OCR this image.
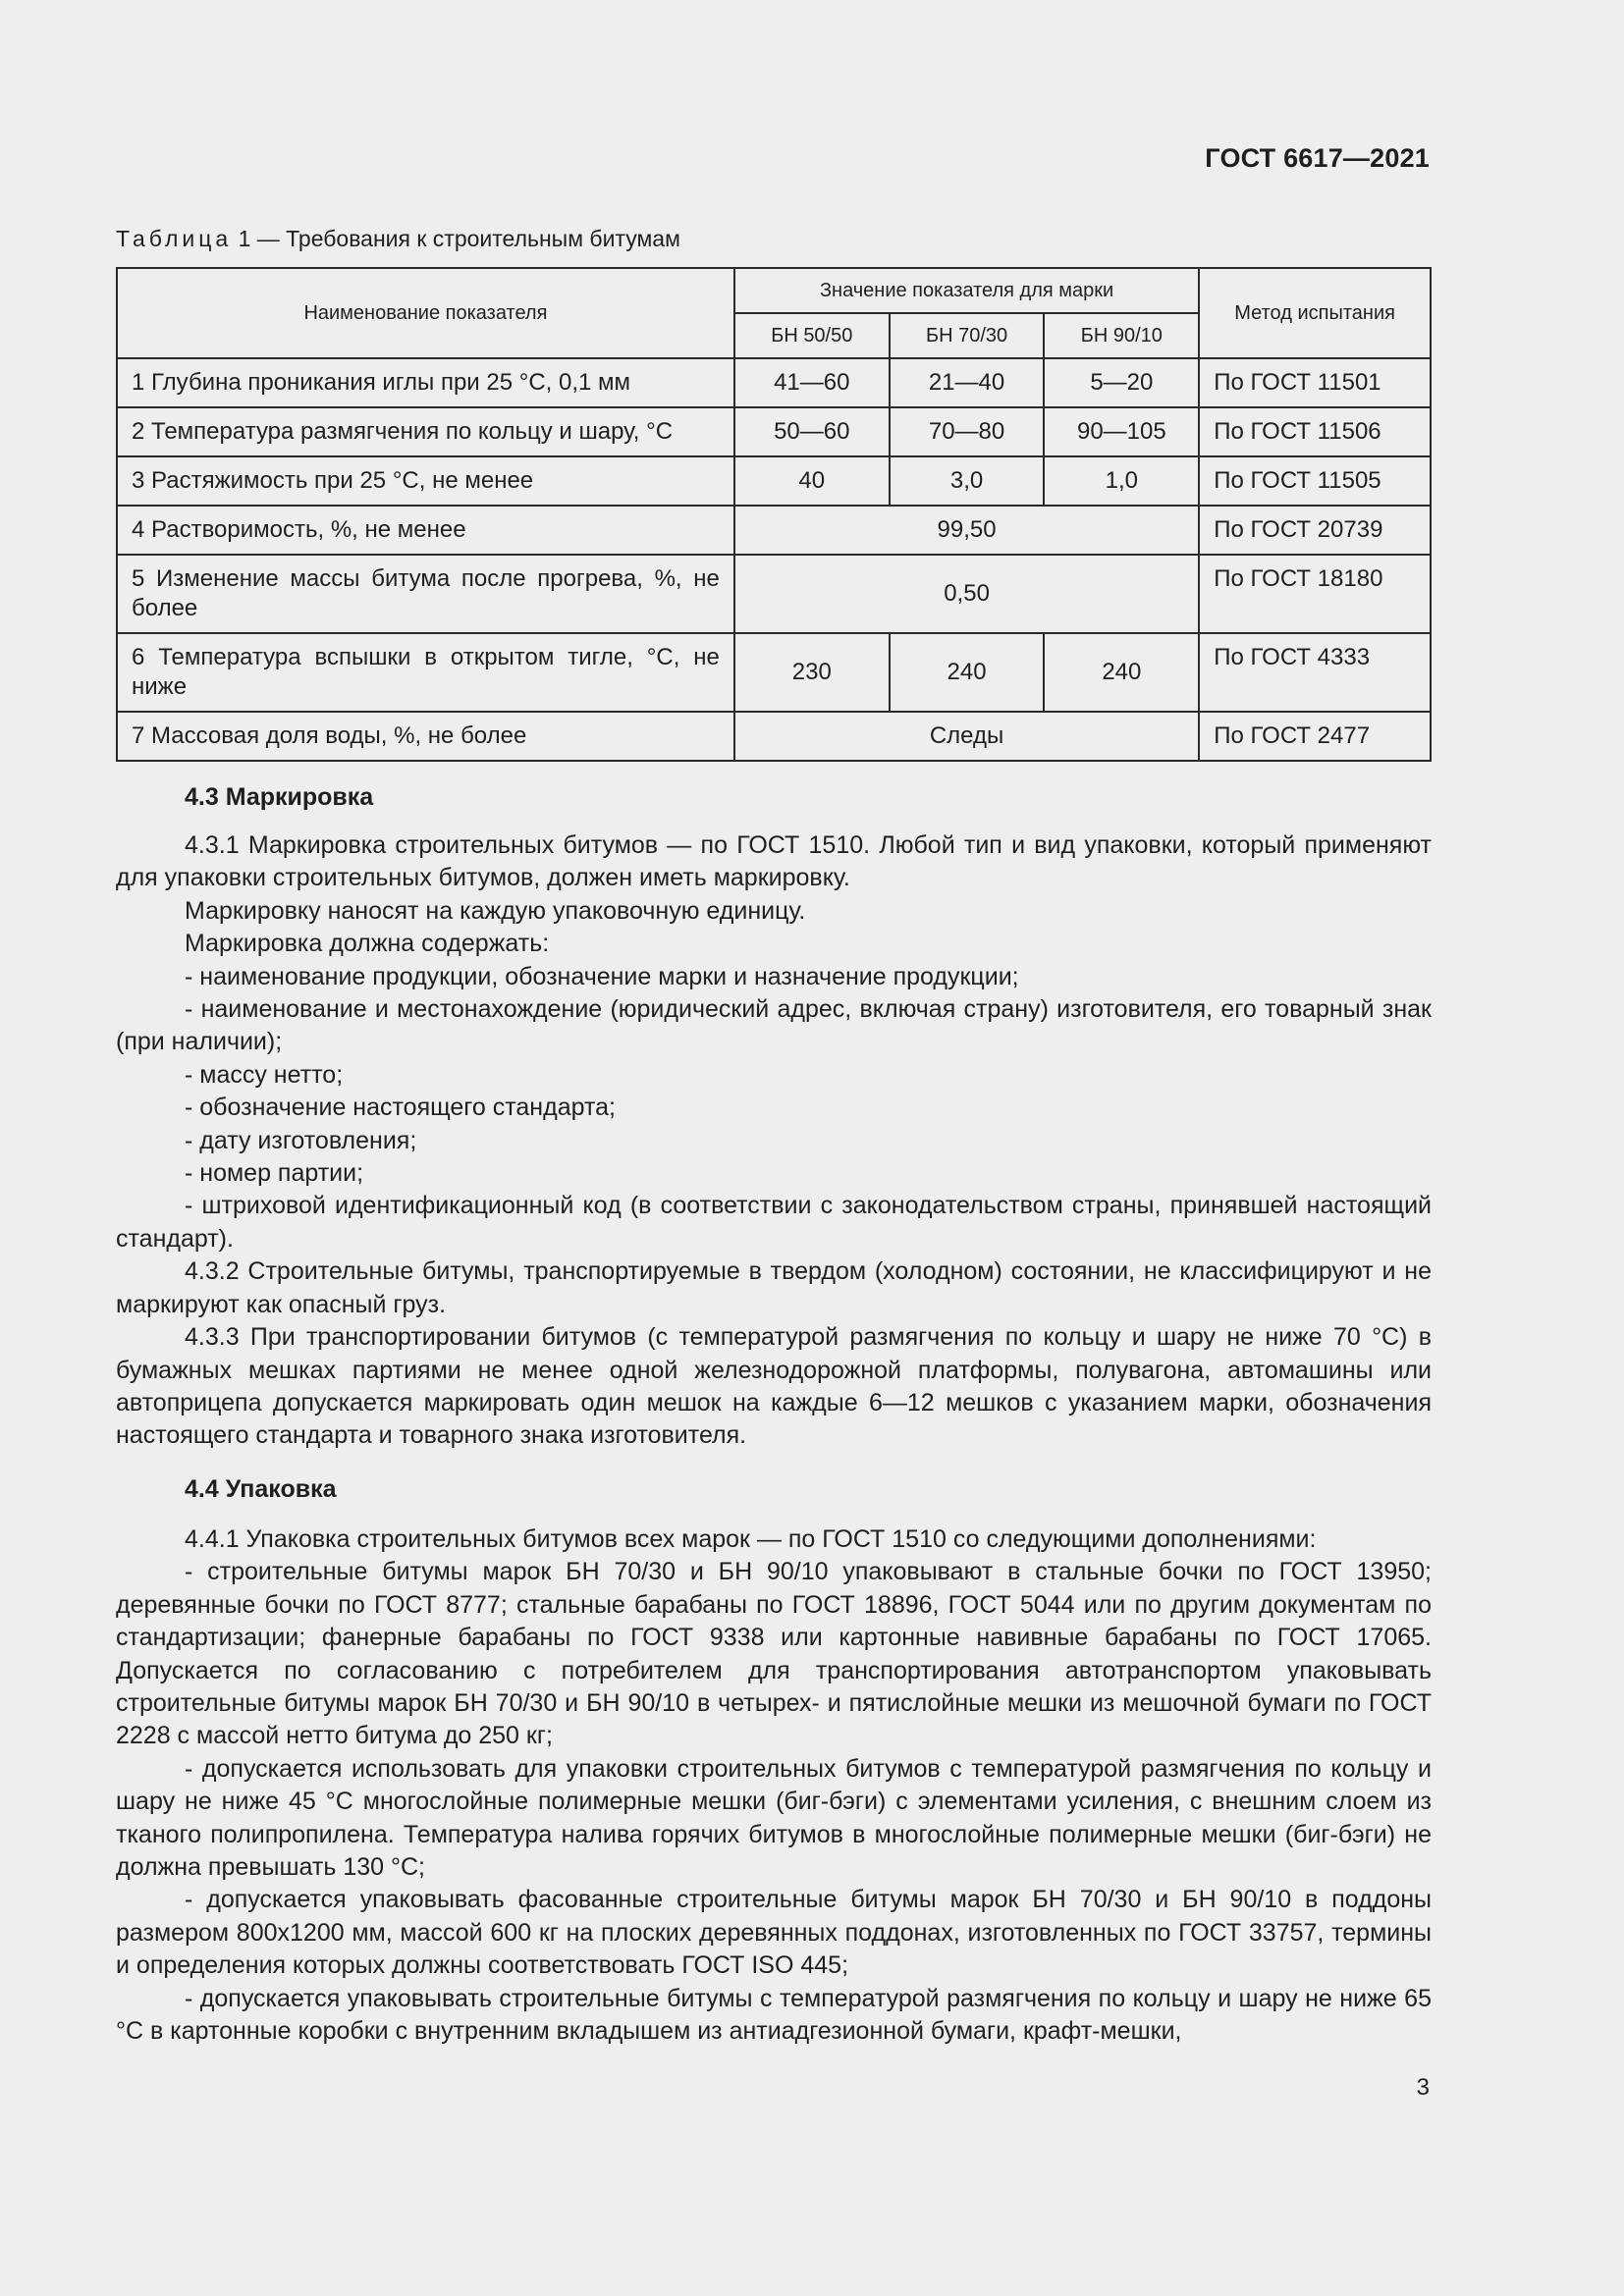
ГОСТ 6617—2021
Таблица 1 — Требования к строительным битумам
Наименование показателя	Значение показателя для марки			Метод испытания
	БН 50/50	БН 70/30	БН 90/10	
1 Глубина проникания иглы при 25 °С, 0,1 мм	41—60	21—40	5—20	По ГОСТ 11501
2 Температура размягчения по кольцу и шару, °С	50—60	70—80	90—105	По ГОСТ 11506
3 Растяжимость при 25 °С, не менее	40	3,0	1,0	По ГОСТ 11505
4 Растворимость, %, не менее	99,50			По ГОСТ 20739
5 Изменение массы битума после прогрева, %, не более	0,50			По ГОСТ 18180
6 Температура вспышки в открытом тигле, °С, не ниже	230	240	240	По ГОСТ 4333
7 Массовая доля воды, %, не более	Следы			По ГОСТ 2477
4.3 Маркировка

4.3.1 Маркировка строительных битумов — по ГОСТ 1510. Любой тип и вид упаковки, который применяют для упаковки строительных битумов, должен иметь маркировку.

Маркировку наносят на каждую упаковочную единицу.

Маркировка должна содержать:

- наименование продукции, обозначение марки и назначение продукции;

- наименование и местонахождение (юридический адрес, включая страну) изготовителя, его товарный знак (при наличии);

- массу нетто;

- обозначение настоящего стандарта;

- дату изготовления;

- номер партии;

- штриховой идентификационный код (в соответствии с законодательством страны, принявшей настоящий стандарт).

4.3.2 Строительные битумы, транспортируемые в твердом (холодном) состоянии, не классифицируют и не маркируют как опасный груз.

4.3.3 При транспортировании битумов (с температурой размягчения по кольцу и шару не ниже 70 °С) в бумажных мешках партиями не менее одной железнодорожной платформы, полувагона, автомашины или автоприцепа допускается маркировать один мешок на каждые 6—12 мешков с указанием марки, обозначения настоящего стандарта и товарного знака изготовителя.

4.4 Упаковка

4.4.1 Упаковка строительных битумов всех марок — по ГОСТ 1510 со следующими дополнениями:

- строительные битумы марок БН 70/30 и БН 90/10 упаковывают в стальные бочки по ГОСТ 13950; деревянные бочки по ГОСТ 8777; стальные барабаны по ГОСТ 18896, ГОСТ 5044 или по другим документам по стандартизации; фанерные барабаны по ГОСТ 9338 или картонные навивные барабаны по ГОСТ 17065. Допускается по согласованию с потребителем для транспортирования автотранспортом упаковывать строительные битумы марок БН 70/30 и БН 90/10 в четырех- и пятислойные мешки из мешочной бумаги по ГОСТ 2228 с массой нетто битума до 250 кг;

- допускается использовать для упаковки строительных битумов с температурой размягчения по кольцу и шару не ниже 45 °С многослойные полимерные мешки (биг-бэги) с элементами усиления, с внешним слоем из тканого полипропилена. Температура налива горячих битумов в многослойные полимерные мешки (биг-бэги) не должна превышать 130 °С;

- допускается упаковывать фасованные строительные битумы марок БН 70/30 и БН 90/10 в поддоны размером 800x1200 мм, массой 600 кг на плоских деревянных поддонах, изготовленных по ГОСТ 33757, термины и определения которых должны соответствовать ГОСТ ISO 445;

- допускается упаковывать строительные битумы с температурой размягчения по кольцу и шару не ниже 65 °С в картонные коробки с внутренним вкладышем из антиадгезионной бумаги, крафт-мешки,

3
